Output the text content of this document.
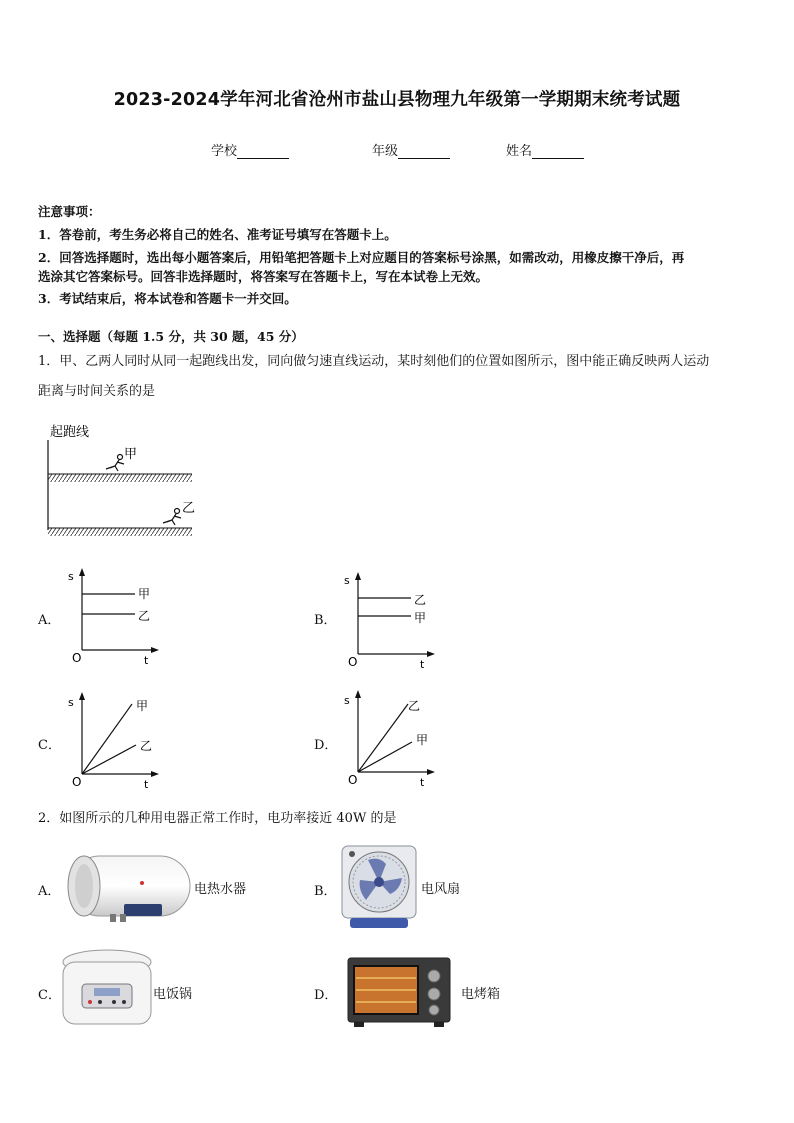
2023-2024学年河北省沧州市盐山县物理九年级第一学期期末统考试题
学校	年级	姓名
注意事项：
1．答卷前，考生务必将自己的姓名、准考证号填写在答题卡上。
2．回答选择题时，选出每小题答案后，用铅笔把答题卡上对应题目的答案标号涂黑，如需改动，用橡皮擦干净后，再
选涂其它答案标号。回答非选择题时，将答案写在答题卡上，写在本试卷上无效。
3．考试结束后，将本试卷和答题卡一并交回。
一、选择题（每题 1.5 分，共 30 题，45 分）
1．甲、乙两人同时从同一起跑线出发，同向做匀速直线运动，某时刻他们的位置如图所示，图中能正确反映两人运动
距离与时间关系的是
起跑线
甲
乙
A．
s
t
O
甲
乙	B．
s
t
O
乙
甲
C．
s
t
O
甲
乙	D．
s
t
O
乙
甲
2．如图所示的几种用电器正常工作时，电功率接近 40W 的是
A．	电热水器	B．	电风扇
C．	电饭锅	D．	电烤箱
